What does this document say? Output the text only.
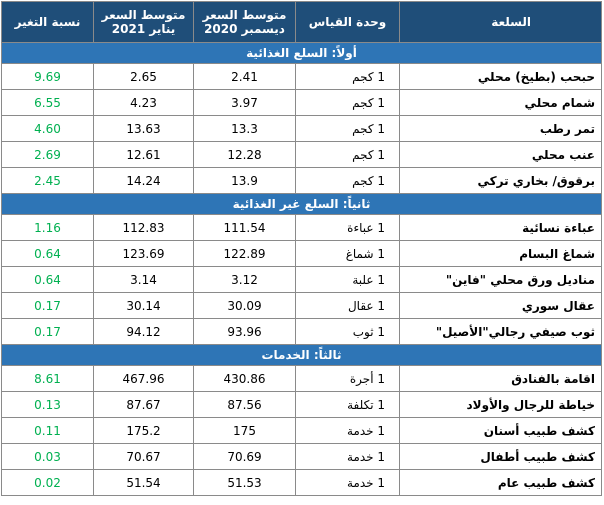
السلعة	وحدة القياس	متوسط السعر ديسمبر 2020	متوسط السعر يناير 2021	نسبة التغير
أولاً: السلع الغذائية				
حبحب (بطيخ) محلي	1 كجم	2.41	2.65	9.69
شمام محلي	1 كجم	3.97	4.23	6.55
تمر رطب	1 كجم	13.3	13.63	4.60
عنب محلي	1 كجم	12.28	12.61	2.69
برقوق/ بخاري تركي	1 كجم	13.9	14.24	2.45
ثانياً: السلع غير الغذائية				
عباءة نسائية	1 عباءة	111.54	112.83	1.16
شماغ البسام	1 شماغ	122.89	123.69	0.64
مناديل ورق محلي "فاين"	1 علبة	3.12	3.14	0.64
عقال سوري	1 عقال	30.09	30.14	0.17
ثوب صيفي رجالي"الأصيل"	1 ثوب	93.96	94.12	0.17
ثالثاً: الخدمات				
اقامة بالفنادق	1 أجرة	430.86	467.96	8.61
خياطة للرجال والأولاد	1 تكلفة	87.56	87.67	0.13
كشف طبيب أسنان	1 خدمة	175	175.2	0.11
كشف طبيب أطفال	1 خدمة	70.69	70.67	0.03
كشف طبيب عام	1 خدمة	51.53	51.54	0.02
